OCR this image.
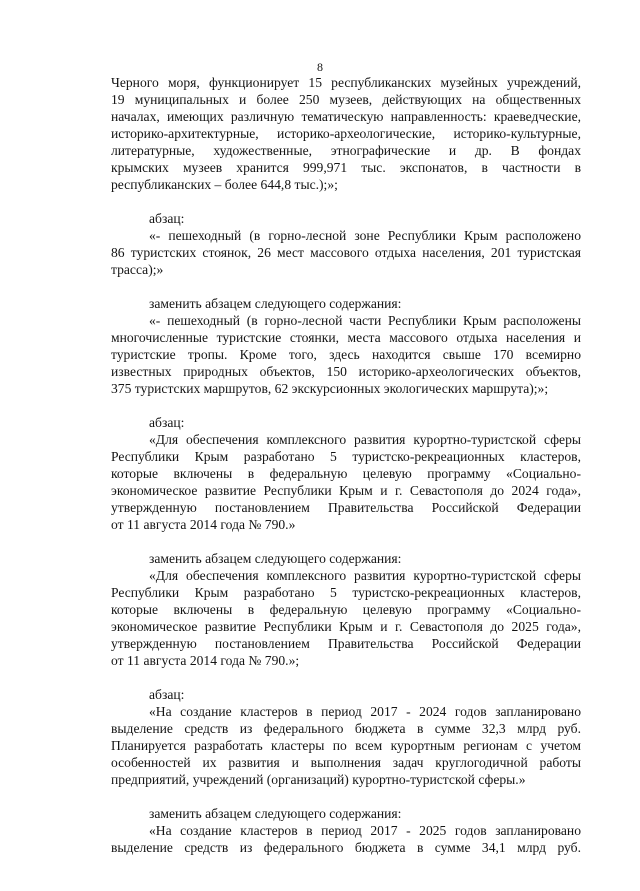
8

Черного моря, функционирует 15 республиканских музейных учреждений,

19 муниципальных и более 250 музеев, действующих на общественных

началах, имеющих различную тематическую направленность: краеведческие,

историко-архитектурные, историко-археологические, историко-культурные,

литературные, художественные, этнографические и др. В фондах

крымских музеев хранится 999,971 тыс. экспонатов, в частности в

республиканских – более 644,8 тыс.);»;

абзац:

«- пешеходный (в горно-лесной зоне Республики Крым расположено

86 туристских стоянок, 26 мест массового отдыха населения, 201 туристская

трасса);»

заменить абзацем следующего содержания:

«- пешеходный (в горно-лесной части Республики Крым расположены

многочисленные туристские стоянки, места массового отдыха населения и

туристские тропы. Кроме того, здесь находится свыше 170 всемирно

известных природных объектов, 150 историко-археологических объектов,

375 туристских маршрутов, 62 экскурсионных экологических маршрута);»;

абзац:

«Для обеспечения комплексного развития курортно-туристской сферы

Республики Крым разработано 5 туристско-рекреационных кластеров,

которые включены в федеральную целевую программу «Социально-

экономическое развитие Республики Крым и г. Севастополя до 2024 года»,

утвержденную постановлением Правительства Российской Федерации

от 11 августа 2014 года № 790.»

заменить абзацем следующего содержания:

«Для обеспечения комплексного развития курортно-туристской сферы

Республики Крым разработано 5 туристско-рекреационных кластеров,

которые включены в федеральную целевую программу «Социально-

экономическое развитие Республики Крым и г. Севастополя до 2025 года»,

утвержденную постановлением Правительства Российской Федерации

от 11 августа 2014 года № 790.»;

абзац:

«На создание кластеров в период 2017 - 2024 годов запланировано

выделение средств из федерального бюджета в сумме 32,3 млрд руб.

Планируется разработать кластеры по всем курортным регионам с учетом

особенностей их развития и выполнения задач круглогодичной работы

предприятий, учреждений (организаций) курортно-туристской сферы.»

заменить абзацем следующего содержания:

«На создание кластеров в период 2017 - 2025 годов запланировано

выделение средств из федерального бюджета в сумме 34,1 млрд руб.
